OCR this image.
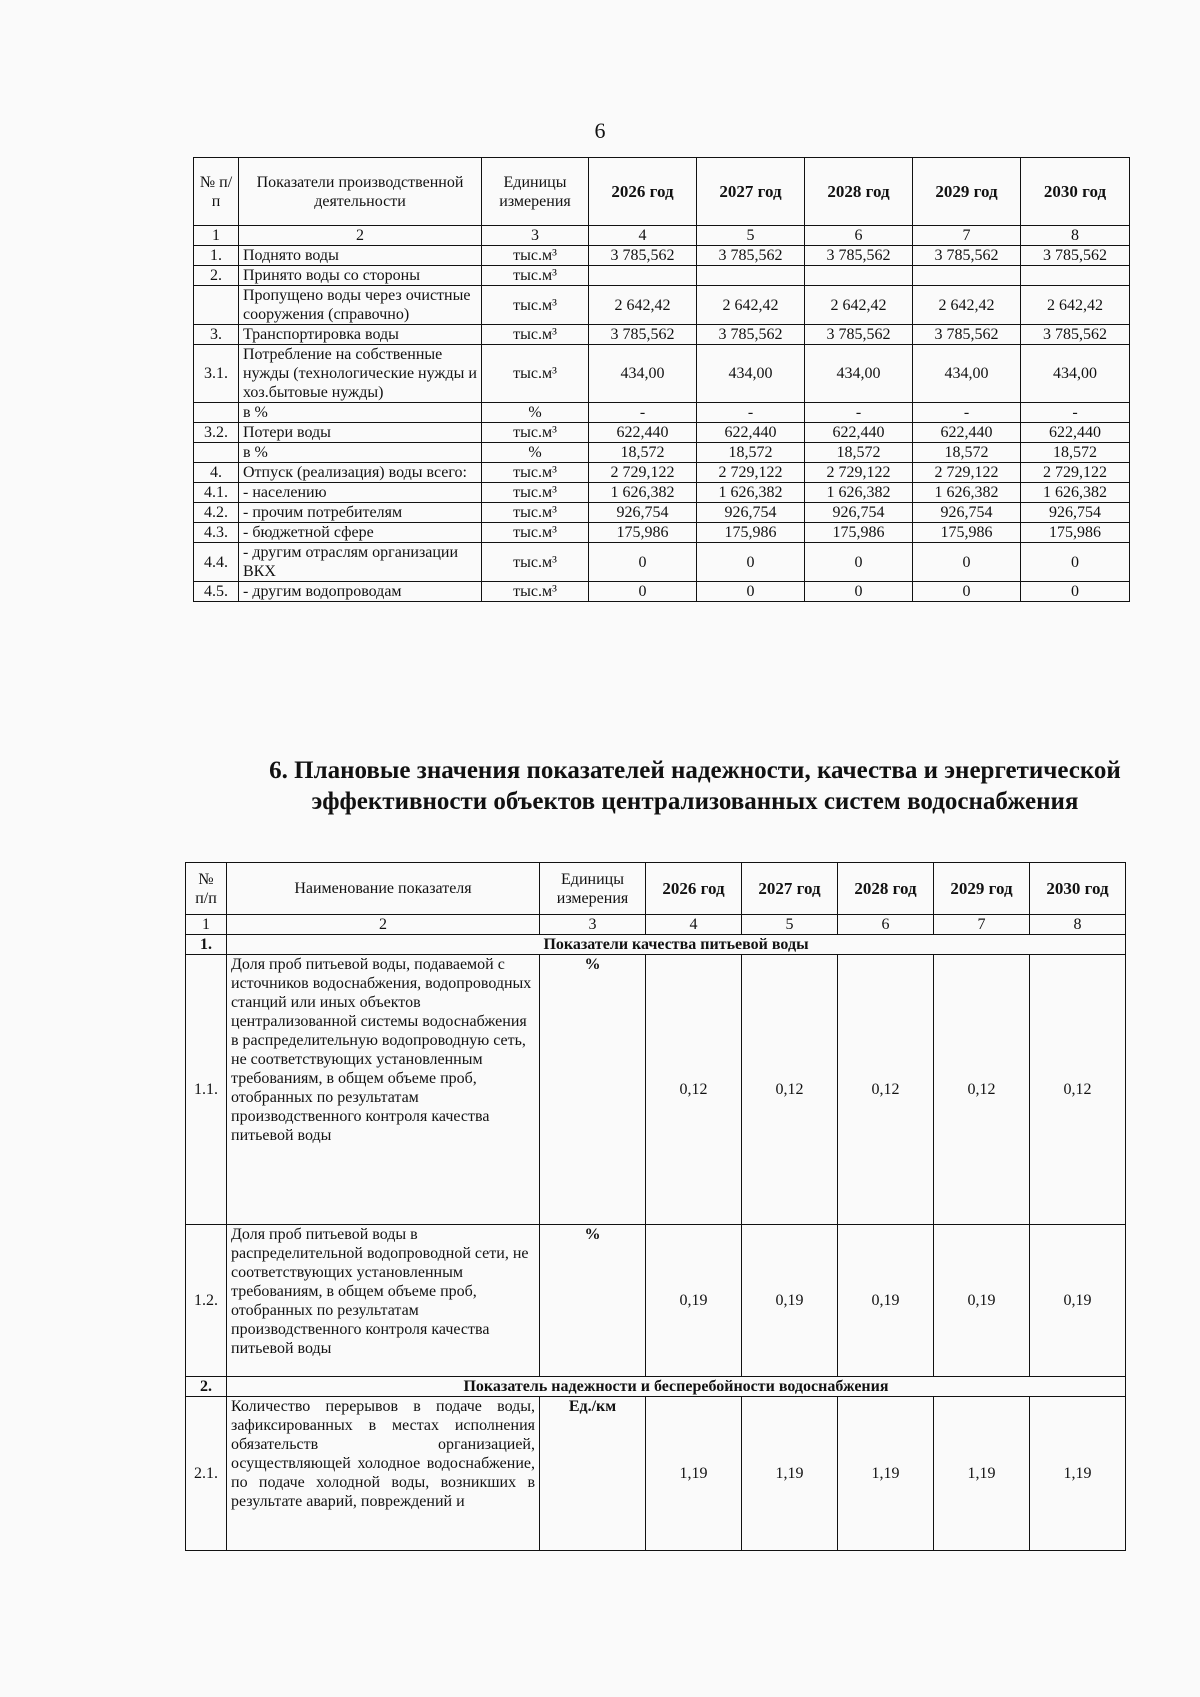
6
№ п/п	Показатели производственной деятельности	Единицы измерения	2026 год	2027 год	2028 год	2029 год	2030 год
1	2	3	4	5	6	7	8
1.	Поднято воды	тыс.м³	3 785,562	3 785,562	3 785,562	3 785,562	3 785,562
2.	Принято воды со стороны	тыс.м³					
	Пропущено воды через очистные сооружения (справочно)	тыс.м³	2 642,42	2 642,42	2 642,42	2 642,42	2 642,42
3.	Транспортировка воды	тыс.м³	3 785,562	3 785,562	3 785,562	3 785,562	3 785,562
3.1.	Потребление на собственные нужды (технологические нужды и хоз.бытовые нужды)	тыс.м³	434,00	434,00	434,00	434,00	434,00
	в %	%	-	-	-	-	-
3.2.	Потери воды	тыс.м³	622,440	622,440	622,440	622,440	622,440
	в %	%	18,572	18,572	18,572	18,572	18,572
4.	Отпуск (реализация) воды всего:	тыс.м³	2 729,122	2 729,122	2 729,122	2 729,122	2 729,122
4.1.	- населению	тыс.м³	1 626,382	1 626,382	1 626,382	1 626,382	1 626,382
4.2.	- прочим потребителям	тыс.м³	926,754	926,754	926,754	926,754	926,754
4.3.	- бюджетной сфере	тыс.м³	175,986	175,986	175,986	175,986	175,986
4.4.	- другим отраслям организации ВКХ	тыс.м³	0	0	0	0	0
4.5.	- другим водопроводам	тыс.м³	0	0	0	0	0
6. Плановые значения показателей надежности, качества и энергетической эффективности объектов централизованных систем водоснабжения
№ п/п	Наименование показателя	Единицы измерения	2026 год	2027 год	2028 год	2029 год	2030 год
1	2	3	4	5	6	7	8
1.	Показатели качества питьевой воды						
1.1.	Доля проб питьевой воды, подаваемой с источников водоснабжения, водопроводных станций или иных объектов централизованной системы водоснабжения в распределительную водопроводную сеть, не соответствующих установленным требованиям, в общем объеме проб, отобранных по результатам производственного контроля качества питьевой воды	%	0,12	0,12	0,12	0,12	0,12
1.2.	Доля проб питьевой воды в распределительной водопроводной сети, не соответствующих установленным требованиям, в общем объеме проб, отобранных по результатам производственного контроля качества питьевой воды	%	0,19	0,19	0,19	0,19	0,19
2.	Показатель надежности и бесперебойности водоснабжения						
2.1.	Количество перерывов в подаче воды, зафиксированных в местах исполнения обязательств организацией, осуществляющей холодное водоснабжение, по подаче холодной воды, возникших в результате аварий, повреждений и	Ед./км	1,19	1,19	1,19	1,19	1,19
